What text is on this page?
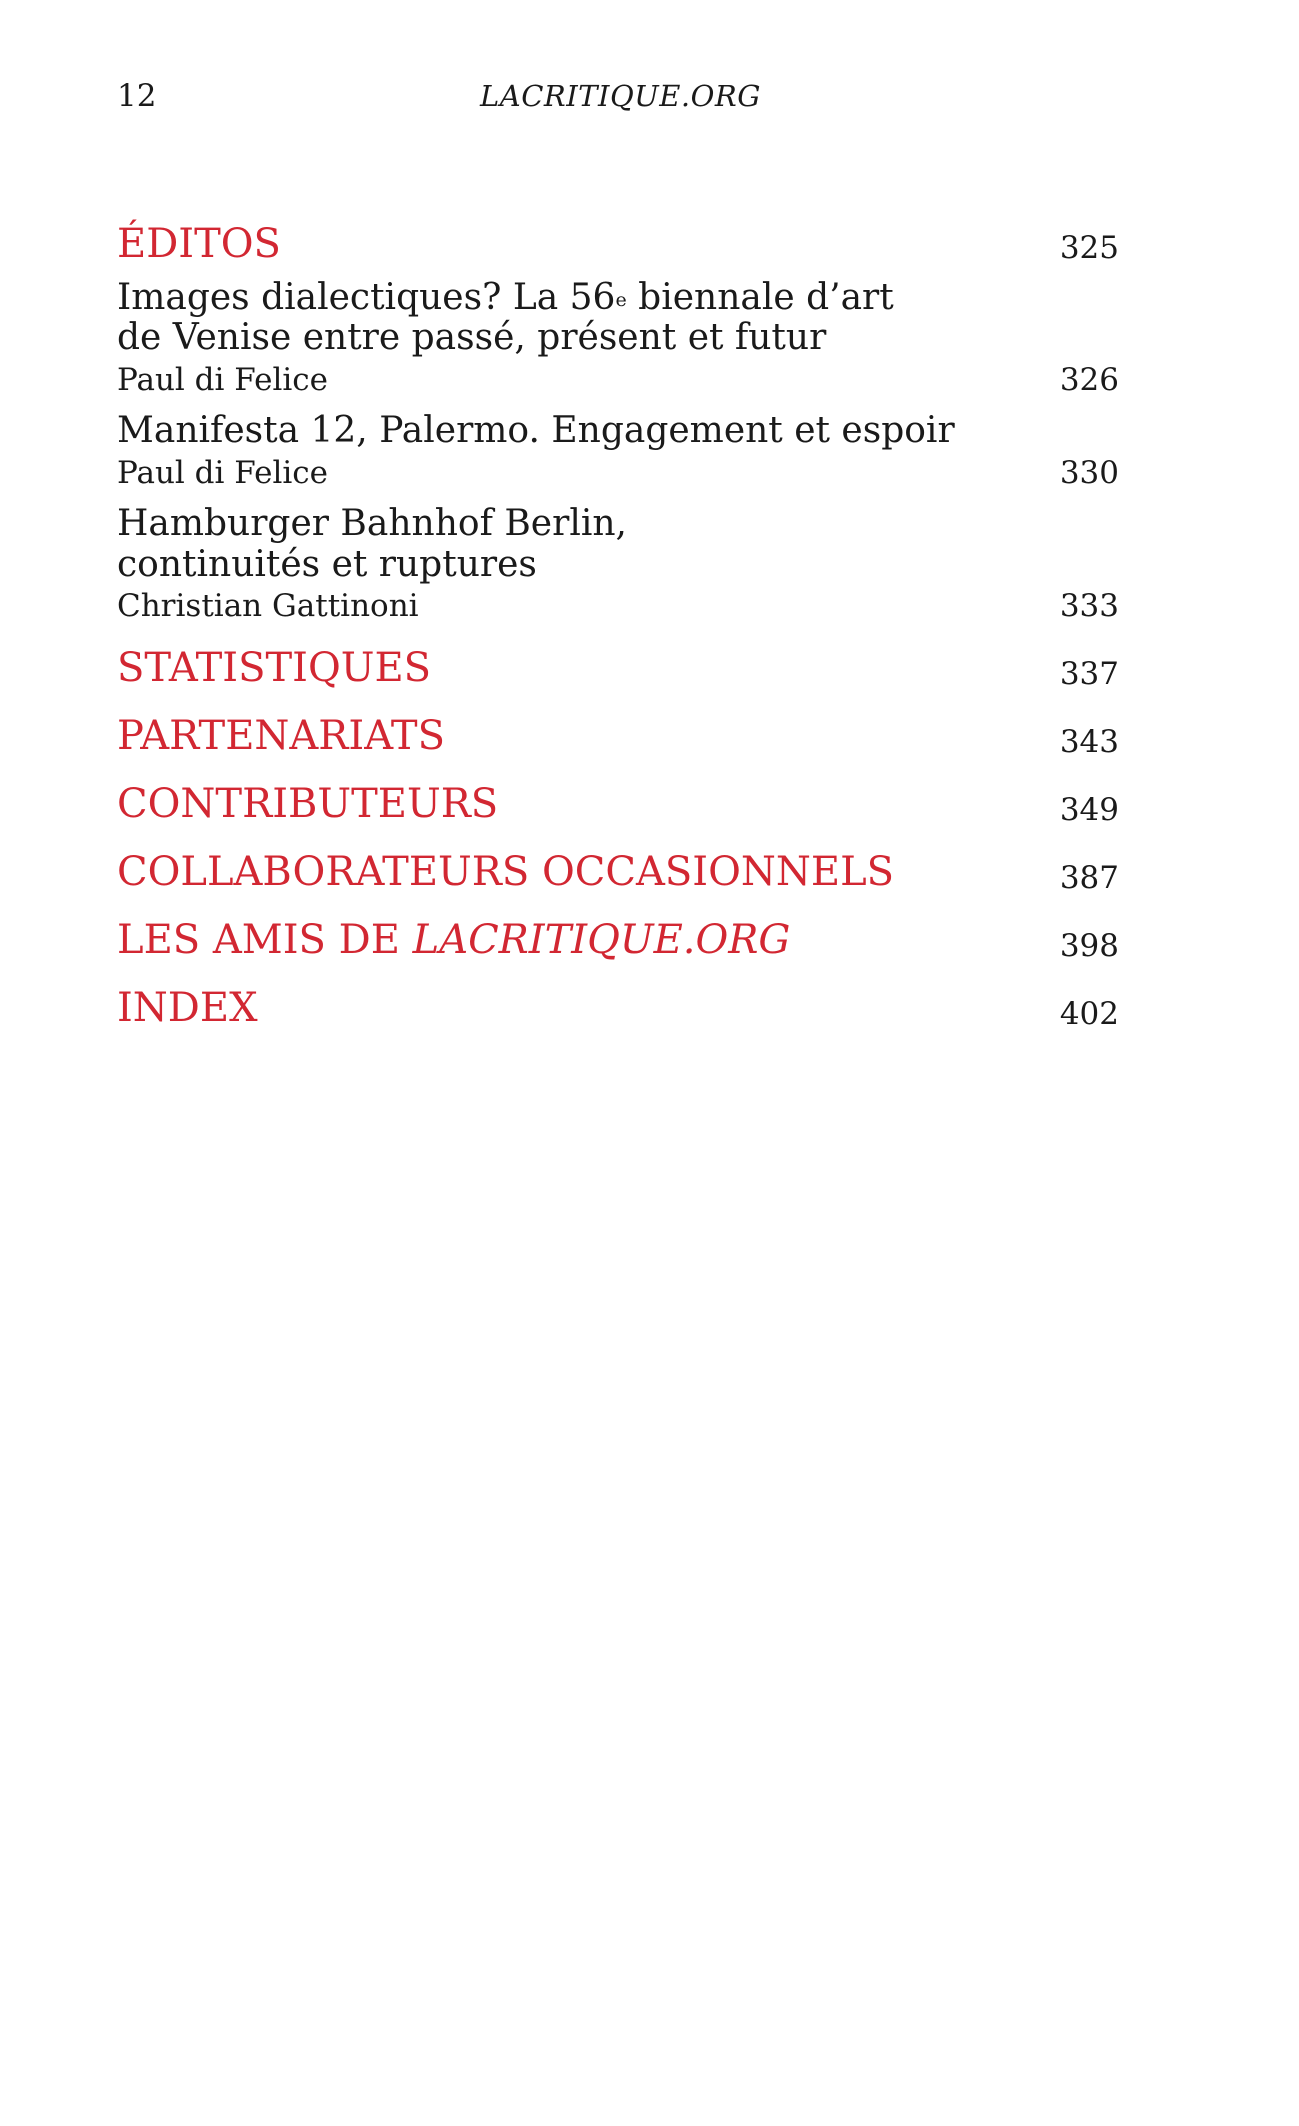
12	LACRITIQUE.ORG
ÉDITOS	325
Images dialectiques? La 56e biennale d’art
de Venise entre passé, présent et futur
Paul di Felice	326
Manifesta 12, Palermo. Engagement et espoir
Paul di Felice	330
Hamburger Bahnhof Berlin,
continuités et ruptures
Christian Gattinoni	333
STATISTIQUES	337
PARTENARIATS	343
CONTRIBUTEURS	349
COLLABORATEURS OCCASIONNELS	387
LES AMIS DE LACRITIQUE.ORG	398
INDEX	402
